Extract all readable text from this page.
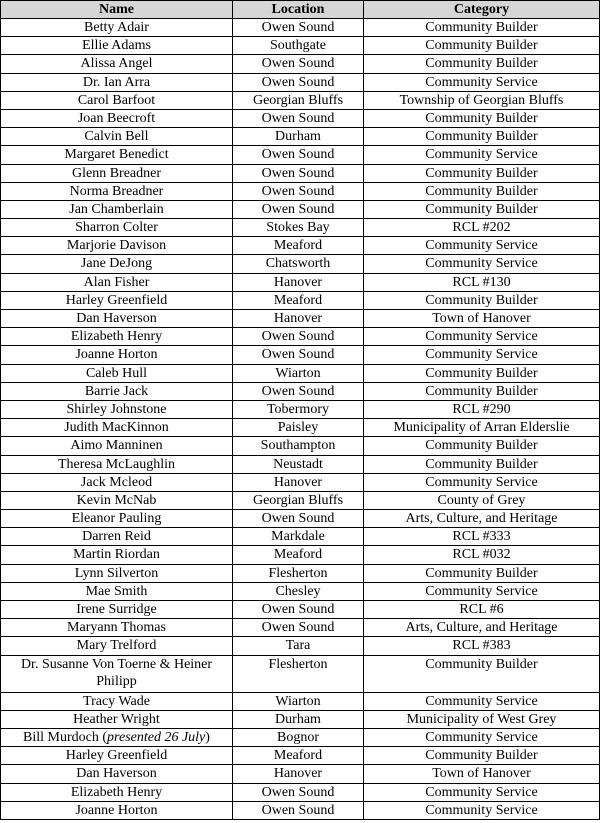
Name	Location	Category
Betty Adair	Owen Sound	Community Builder
Ellie Adams	Southgate	Community Builder
Alissa Angel	Owen Sound	Community Builder
Dr. Ian Arra	Owen Sound	Community Service
Carol Barfoot	Georgian Bluffs	Township of Georgian Bluffs
Joan Beecroft	Owen Sound	Community Builder
Calvin Bell	Durham	Community Builder
Margaret Benedict	Owen Sound	Community Service
Glenn Breadner	Owen Sound	Community Builder
Norma Breadner	Owen Sound	Community Builder
Jan Chamberlain	Owen Sound	Community Builder
Sharron Colter	Stokes Bay	RCL #202
Marjorie Davison	Meaford	Community Service
Jane DeJong	Chatsworth	Community Service
Alan Fisher	Hanover	RCL #130
Harley Greenfield	Meaford	Community Builder
Dan Haverson	Hanover	Town of Hanover
Elizabeth Henry	Owen Sound	Community Service
Joanne Horton	Owen Sound	Community Service
Caleb Hull	Wiarton	Community Builder
Barrie Jack	Owen Sound	Community Builder
Shirley Johnstone	Tobermory	RCL #290
Judith MacKinnon	Paisley	Municipality of Arran Elderslie
Aimo Manninen	Southampton	Community Builder
Theresa McLaughlin	Neustadt	Community Builder
Jack Mcleod	Hanover	Community Service
Kevin McNab	Georgian Bluffs	County of Grey
Eleanor Pauling	Owen Sound	Arts, Culture, and Heritage
Darren Reid	Markdale	RCL #333
Martin Riordan	Meaford	RCL #032
Lynn Silverton	Flesherton	Community Builder
Mae Smith	Chesley	Community Service
Irene Surridge	Owen Sound	RCL #6
Maryann Thomas	Owen Sound	Arts, Culture, and Heritage
Mary Trelford	Tara	RCL #383
Dr. Susanne Von Toerne & Heiner Philipp	Flesherton	Community Builder
Tracy Wade	Wiarton	Community Service
Heather Wright	Durham	Municipality of West Grey
Bill Murdoch (presented 26 July)	Bognor	Community Service
Harley Greenfield	Meaford	Community Builder
Dan Haverson	Hanover	Town of Hanover
Elizabeth Henry	Owen Sound	Community Service
Joanne Horton	Owen Sound	Community Service
